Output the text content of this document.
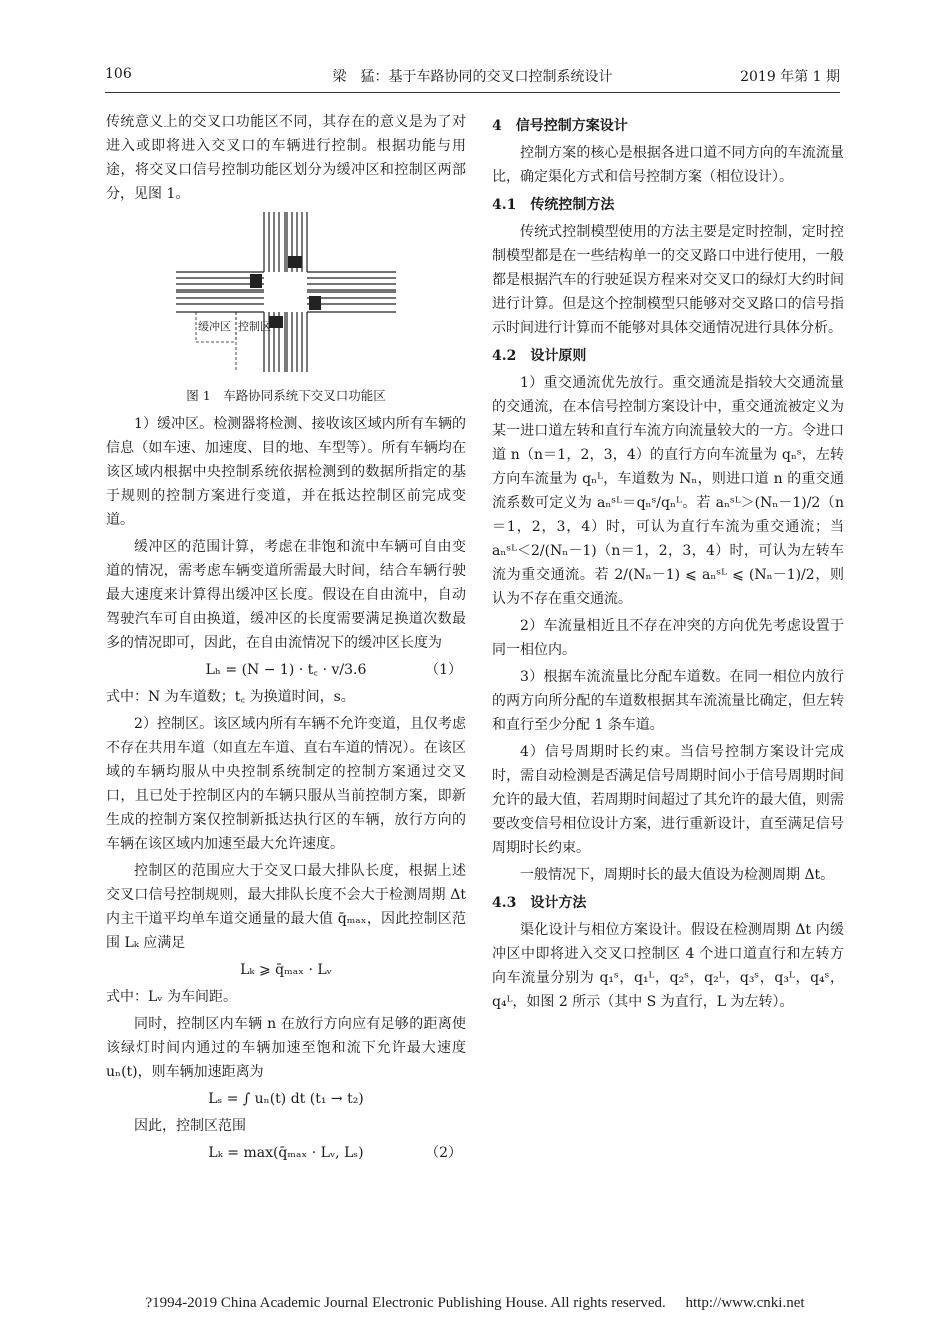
106	梁　猛：基于车路协同的交叉口控制系统设计	2019 年第 1 期

传统意义上的交叉口功能区不同，其存在的意义是为了对进入或即将进入交叉口的车辆进行控制。根据功能与用途，将交叉口信号控制功能区划分为缓冲区和控制区两部分，见图 1。

缓冲区 控制区
图 1　车路协同系统下交叉口功能区

1）缓冲区。检测器将检测、接收该区域内所有车辆的信息（如车速、加速度、目的地、车型等）。所有车辆均在该区域内根据中央控制系统依据检测到的数据所指定的基于规则的控制方案进行变道，并在抵达控制区前完成变道。

缓冲区的范围计算，考虑在非饱和流中车辆可自由变道的情况，需考虑车辆变道所需最大时间，结合车辆行驶最大速度来计算得出缓冲区长度。假设在自由流中，自动驾驶汽车可自由换道，缓冲区的长度需要满足换道次数最多的情况即可，因此，在自由流情况下的缓冲区长度为

Lₕ = (N − 1) · t꜀ · v/3.6	（1）

式中：N 为车道数；t꜀ 为换道时间，s。

2）控制区。该区域内所有车辆不允许变道，且仅考虑不存在共用车道（如直左车道、直右车道的情况）。在该区域的车辆均服从中央控制系统制定的控制方案通过交叉口，且已处于控制区内的车辆只服从当前控制方案，即新生成的控制方案仅控制新抵达执行区的车辆，放行方向的车辆在该区域内加速至最大允许速度。

控制区的范围应大于交叉口最大排队长度，根据上述交叉口信号控制规则，最大排队长度不会大于检测周期 Δt 内主干道平均单车道交通量的最大值 q̄ₘₐₓ，因此控制区范围 Lₖ 应满足

Lₖ ⩾ q̄ₘₐₓ · Lᵥ

式中：Lᵥ 为车间距。

同时，控制区内车辆 n 在放行方向应有足够的距离使该绿灯时间内通过的车辆加速至饱和流下允许最大速度 uₙ(t)，则车辆加速距离为

Lₛ = ∫ uₙ(t) dt (t₁ → t₂)

因此，控制区范围

Lₖ = max(q̄ₘₐₓ · Lᵥ, Lₛ)	（2）
4　信号控制方案设计

控制方案的核心是根据各进口道不同方向的车流流量比，确定渠化方式和信号控制方案（相位设计）。

4.1　传统控制方法

传统式控制模型使用的方法主要是定时控制，定时控制模型都是在一些结构单一的交叉路口中进行使用，一般都是根据汽车的行驶延误方程来对交叉口的绿灯大约时间进行计算。但是这个控制模型只能够对交叉路口的信号指示时间进行计算而不能够对具体交通情况进行具体分析。

4.2　设计原则

1）重交通流优先放行。重交通流是指较大交通流量的交通流，在本信号控制方案设计中，重交通流被定义为某一进口道左转和直行车流方向流量较大的一方。令进口道 n（n＝1，2，3，4）的直行方向车流量为 qₙˢ，左转方向车流量为 qₙᴸ，车道数为 Nₙ，则进口道 n 的重交通流系数可定义为 aₙˢᴸ＝qₙˢ/qₙᴸ。若 aₙˢᴸ＞(Nₙ－1)/2（n＝1，2，3，4）时，可认为直行车流为重交通流；当 aₙˢᴸ＜2/(Nₙ－1)（n＝1，2，3，4）时，可认为左转车流为重交通流。若 2/(Nₙ－1) ⩽ aₙˢᴸ ⩽ (Nₙ－1)/2，则认为不存在重交通流。

2）车流量相近且不存在冲突的方向优先考虑设置于同一相位内。

3）根据车流流量比分配车道数。在同一相位内放行的两方向所分配的车道数根据其车流流量比确定，但左转和直行至少分配 1 条车道。

4）信号周期时长约束。当信号控制方案设计完成时，需自动检测是否满足信号周期时间小于信号周期时间允许的最大值，若周期时间超过了其允许的最大值，则需要改变信号相位设计方案，进行重新设计，直至满足信号周期时长约束。

一般情况下，周期时长的最大值设为检测周期 Δt。

4.3　设计方法

渠化设计与相位方案设计。假设在检测周期 Δt 内缓冲区中即将进入交叉口控制区 4 个进口道直行和左转方向车流量分别为 q₁ˢ，q₁ᴸ，q₂ˢ，q₂ᴸ，q₃ˢ，q₃ᴸ，q₄ˢ，q₄ᴸ，如图 2 所示（其中 S 为直行，L 为左转）。

?1994-2019 China Academic Journal Electronic Publishing House. All rights reserved. http://www.cnki.net
